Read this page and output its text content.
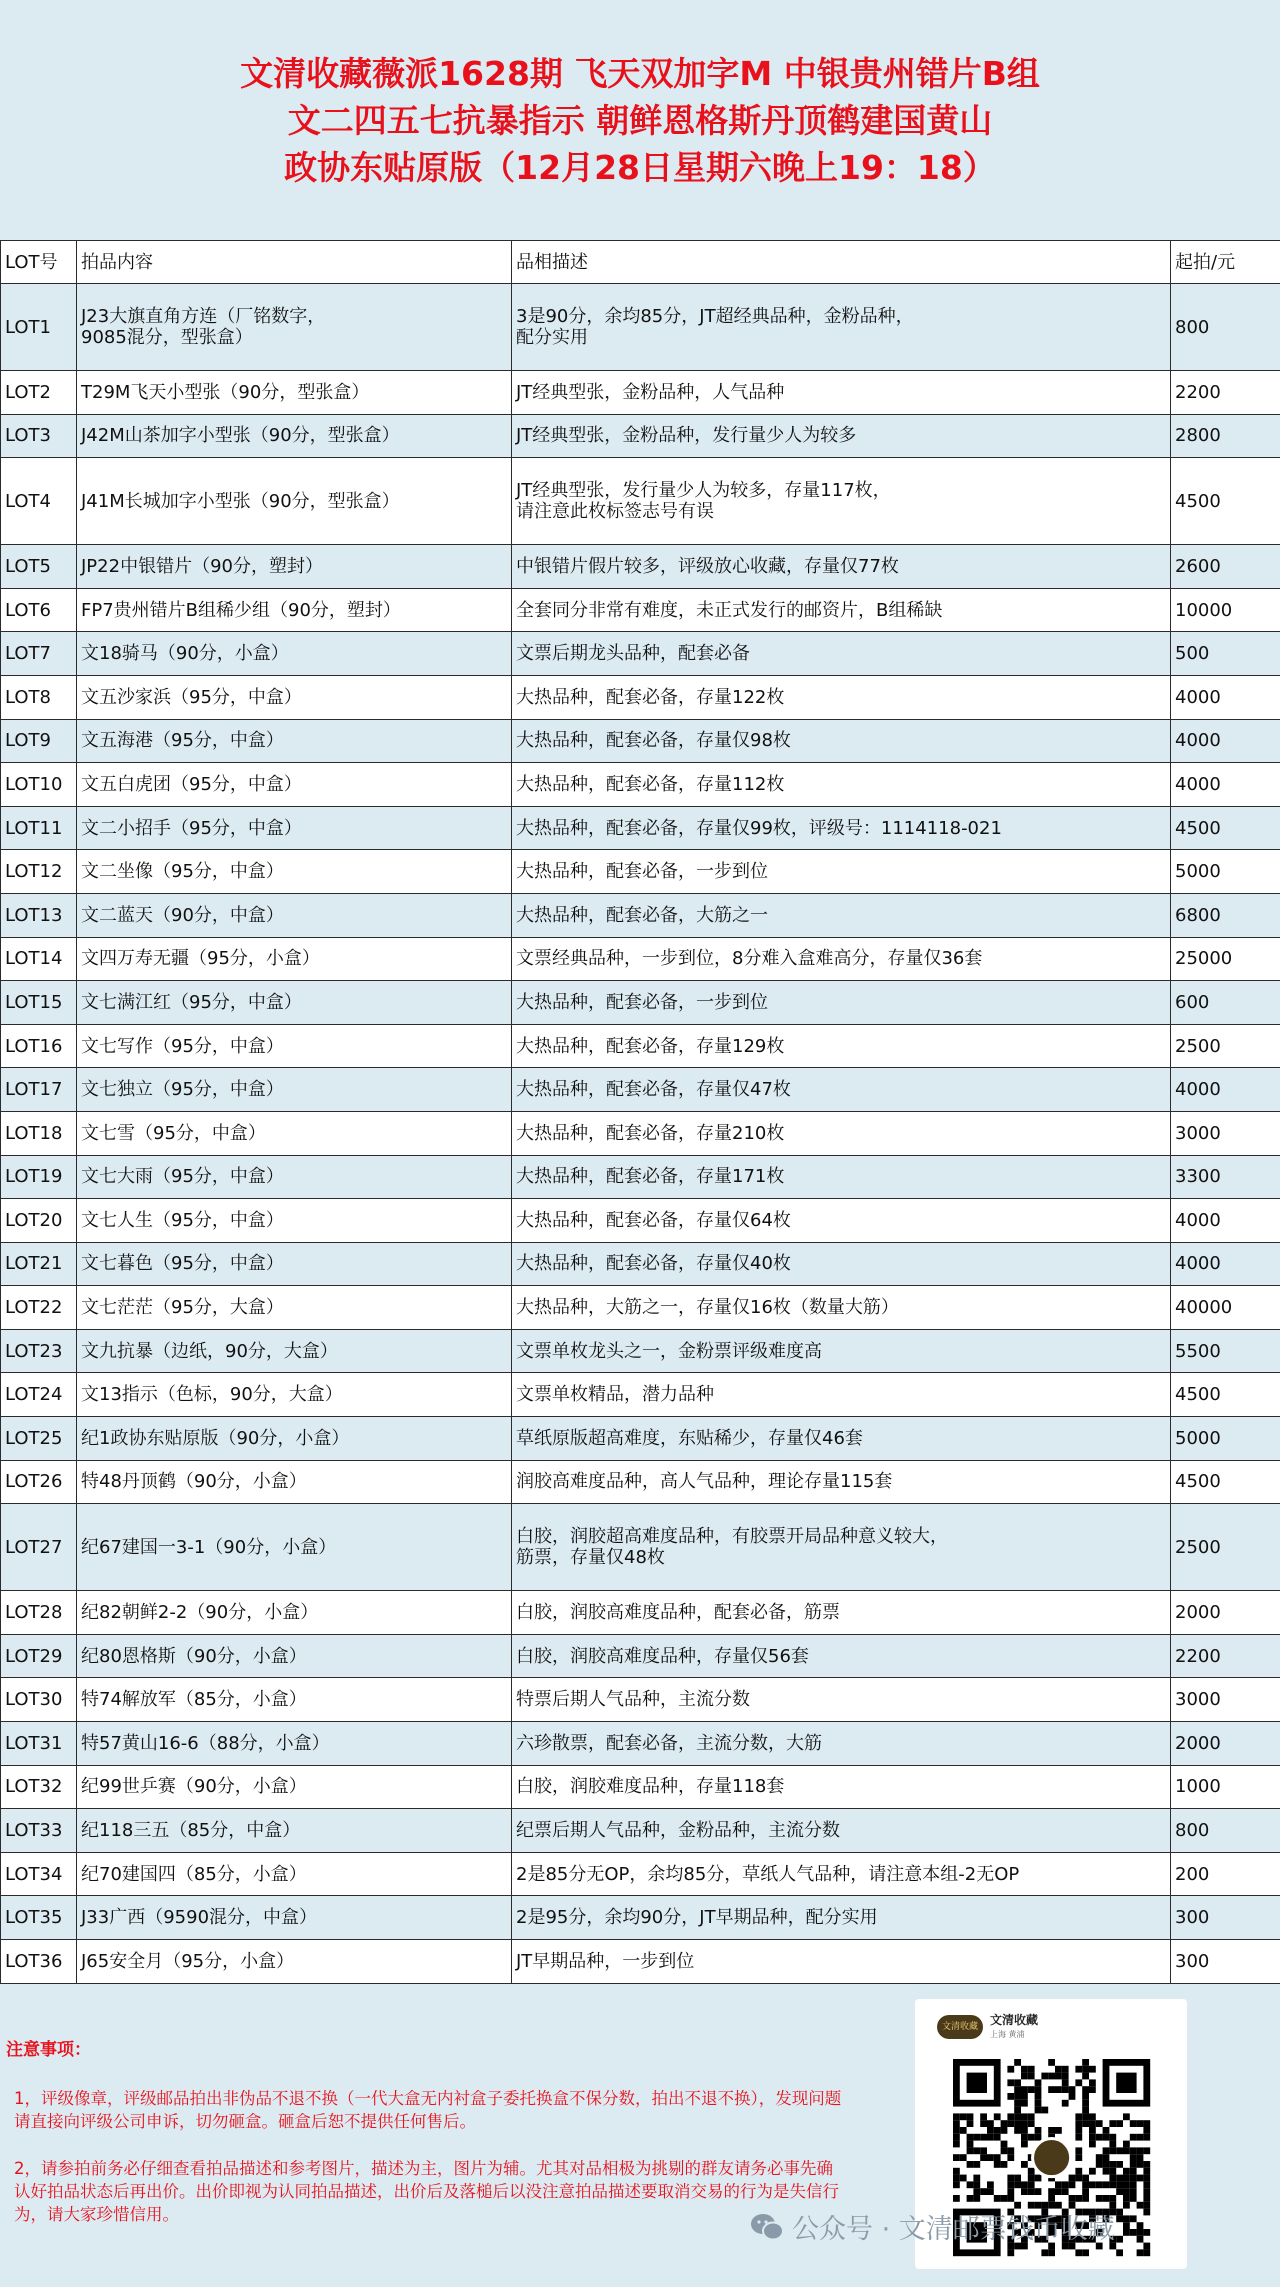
文清收藏薇派1628期 飞天双加字M 中银贵州错片B组
文二四五七抗暴指示 朝鲜恩格斯丹顶鹤建国黄山
政协东贴原版（12月28日星期六晚上19：18）
LOT号	拍品内容	品相描述	起拍/元
LOT1	J23大旗直角方连（厂铭数字，
9085混分，型张盒）	3是90分，余均85分，JT超经典品种，金粉品种，
配分实用	800
LOT2	T29M飞天小型张（90分，型张盒）	JT经典型张，金粉品种，人气品种	2200
LOT3	J42M山茶加字小型张（90分，型张盒）	JT经典型张，金粉品种，发行量少人为较多	2800
LOT4	J41M长城加字小型张（90分，型张盒）	JT经典型张，发行量少人为较多，存量117枚，
请注意此枚标签志号有误	4500
LOT5	JP22中银错片（90分，塑封）	中银错片假片较多，评级放心收藏，存量仅77枚	2600
LOT6	FP7贵州错片B组稀少组（90分，塑封）	全套同分非常有难度，未正式发行的邮资片，B组稀缺	10000
LOT7	文18骑马（90分，小盒）	文票后期龙头品种，配套必备	500
LOT8	文五沙家浜（95分，中盒）	大热品种，配套必备，存量122枚	4000
LOT9	文五海港（95分，中盒）	大热品种，配套必备，存量仅98枚	4000
LOT10	文五白虎团（95分，中盒）	大热品种，配套必备，存量112枚	4000
LOT11	文二小招手（95分，中盒）	大热品种，配套必备，存量仅99枚，评级号：1114118-021	4500
LOT12	文二坐像（95分，中盒）	大热品种，配套必备，一步到位	5000
LOT13	文二蓝天（90分，中盒）	大热品种，配套必备，大筋之一	6800
LOT14	文四万寿无疆（95分，小盒）	文票经典品种，一步到位，8分难入盒难高分，存量仅36套	25000
LOT15	文七满江红（95分，中盒）	大热品种，配套必备，一步到位	600
LOT16	文七写作（95分，中盒）	大热品种，配套必备，存量129枚	2500
LOT17	文七独立（95分，中盒）	大热品种，配套必备，存量仅47枚	4000
LOT18	文七雪（95分，中盒）	大热品种，配套必备，存量210枚	3000
LOT19	文七大雨（95分，中盒）	大热品种，配套必备，存量171枚	3300
LOT20	文七人生（95分，中盒）	大热品种，配套必备，存量仅64枚	4000
LOT21	文七暮色（95分，中盒）	大热品种，配套必备，存量仅40枚	4000
LOT22	文七茫茫（95分，大盒）	大热品种，大筋之一，存量仅16枚（数量大筋）	40000
LOT23	文九抗暴（边纸，90分，大盒）	文票单枚龙头之一，金粉票评级难度高	5500
LOT24	文13指示（色标，90分，大盒）	文票单枚精品，潜力品种	4500
LOT25	纪1政协东贴原版（90分，小盒）	草纸原版超高难度，东贴稀少，存量仅46套	5000
LOT26	特48丹顶鹤（90分，小盒）	润胶高难度品种，高人气品种，理论存量115套	4500
LOT27	纪67建国一3-1（90分，小盒）	白胶，润胶超高难度品种，有胶票开局品种意义较大，
筋票，存量仅48枚	2500
LOT28	纪82朝鲜2-2（90分，小盒）	白胶，润胶高难度品种，配套必备，筋票	2000
LOT29	纪80恩格斯（90分，小盒）	白胶，润胶高难度品种，存量仅56套	2200
LOT30	特74解放军（85分，小盒）	特票后期人气品种，主流分数	3000
LOT31	特57黄山16-6（88分，小盒）	六珍散票，配套必备，主流分数，大筋	2000
LOT32	纪99世乒赛（90分，小盒）	白胶，润胶难度品种，存量118套	1000
LOT33	纪118三五（85分，中盒）	纪票后期人气品种，金粉品种，主流分数	800
LOT34	纪70建国四（85分，小盒）	2是85分无OP，余均85分，草纸人气品种，请注意本组-2无OP	200
LOT35	J33广西（9590混分，中盒）	2是95分，余均90分，JT早期品种，配分实用	300
LOT36	J65安全月（95分，小盒）	JT早期品种，一步到位	300
注意事项：
1，评级像章，评级邮品拍出非伪品不退不换（一代大盒无内衬盒子委托换盒不保分数，拍出不退不换），发现问题请直接向评级公司申诉，切勿砸盒。砸盒后恕不提供任何售后。
2，请参拍前务必仔细查看拍品描述和参考图片，描述为主，图片为辅。尤其对品相极为挑剔的群友请务必事先确认好拍品状态后再出价。出价即视为认同拍品描述，出价后及落槌后以没注意拍品描述要取消交易的行为是失信行为，请大家珍惜信用。
文清收藏	文清收藏
上海 黄浦
公众号 · 文清邮票钱币收藏
